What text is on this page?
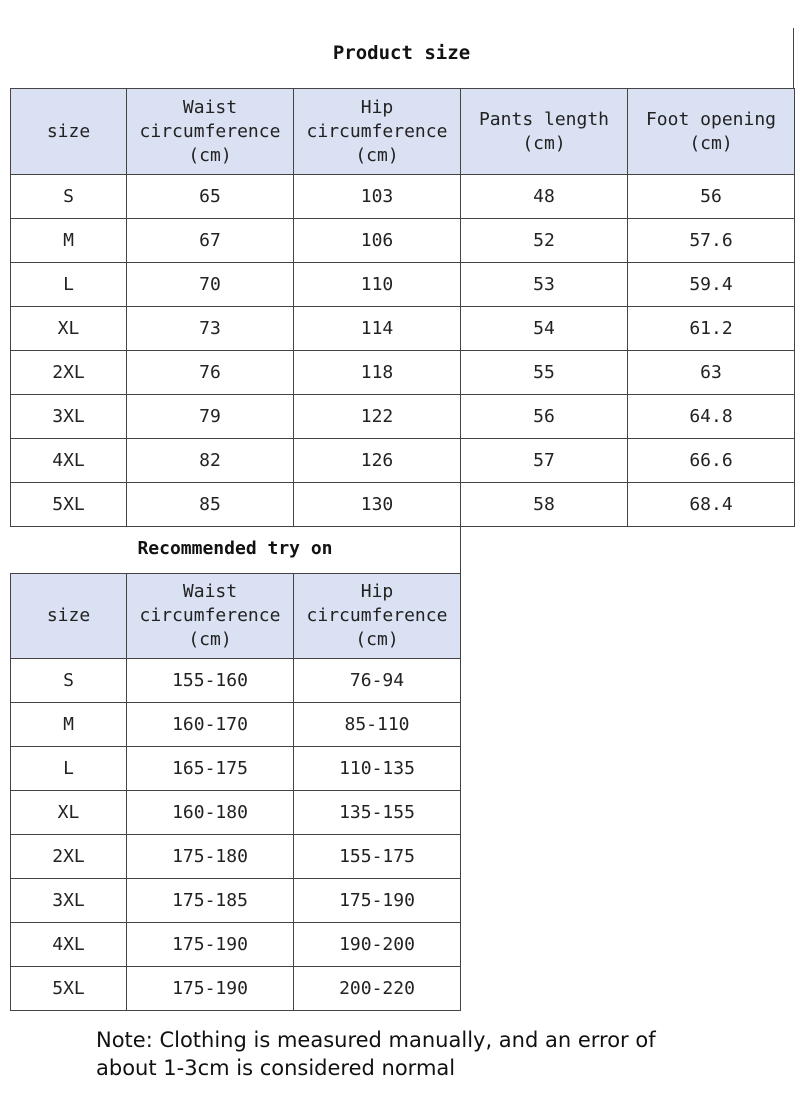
Product size
size	Waist circumference (cm)	Hip circumference (cm)	Pants length (cm)	Foot opening (cm)
S	65	103	48	56
M	67	106	52	57.6
L	70	110	53	59.4
XL	73	114	54	61.2
2XL	76	118	55	63
3XL	79	122	56	64.8
4XL	82	126	57	66.6
5XL	85	130	58	68.4
Recommended try on
size	Waist circumference (cm)	Hip circumference (cm)
S	155-160	76-94
M	160-170	85-110
L	165-175	110-135
XL	160-180	135-155
2XL	175-180	155-175
3XL	175-185	175-190
4XL	175-190	190-200
5XL	175-190	200-220
Note: Clothing is measured manually, and an error of about 1-3cm is considered normal
